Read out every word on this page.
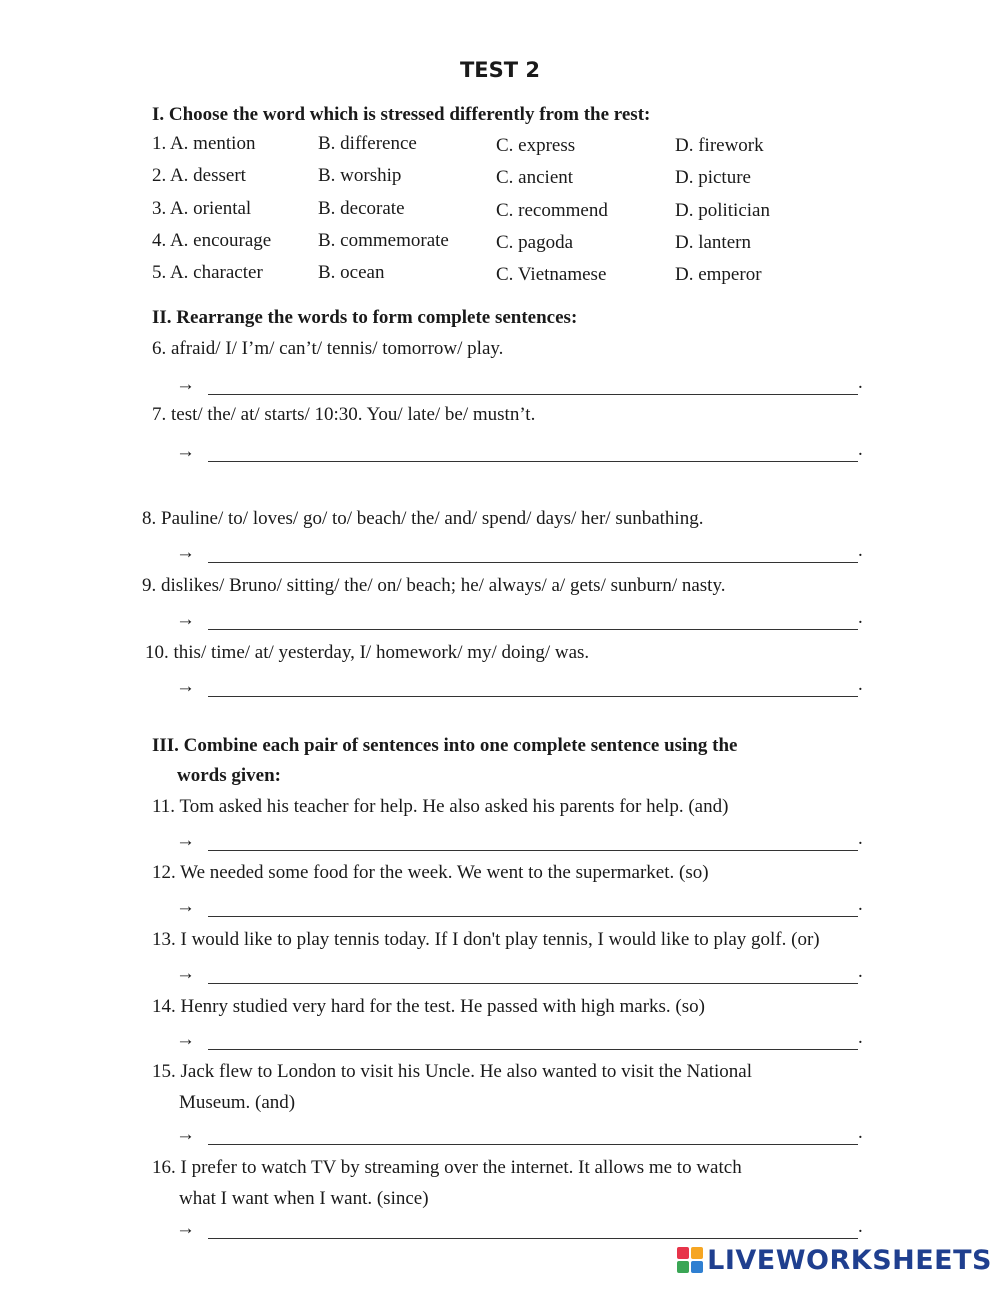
TEST 2
I. Choose the word which is stressed differently from the rest:
1. A. mention	B. difference	C. express	D. firework
2. A. dessert	B. worship	C. ancient	D. picture
3. A. oriental	B. decorate	C. recommend	D. politician
4. A. encourage B. commemorate C. pagoda	D. lantern
5. A. character	B. ocean	C. Vietnamese	D. emperor
II. Rearrange the words to form complete sentences:
6. afraid/ I/ I’m/ can’t/ tennis/ tomorrow/ play.
→	.
7. test/ the/ at/ starts/ 10:30. You/ late/ be/ mustn’t.
→	.
8. Pauline/ to/ loves/ go/ to/ beach/ the/ and/ spend/ days/ her/ sunbathing.
→	.
9. dislikes/ Bruno/ sitting/ the/ on/ beach; he/ always/ a/ gets/ sunburn/ nasty.
→	.
10. this/ time/ at/ yesterday, I/ homework/ my/ doing/ was.
→	.
III. Combine each pair of sentences into one complete sentence using the
words given:
11. Tom asked his teacher for help. He also asked his parents for help. (and)
→	.
12. We needed some food for the week. We went to the supermarket. (so)
→	.
13. I would like to play tennis today. If I don't play tennis, I would like to play golf. (or)
→	.
14. Henry studied very hard for the test. He passed with high marks. (so)
→	.
15. Jack flew to London to visit his Uncle. He also wanted to visit the National
Museum. (and)
→	.
16. I prefer to watch TV by streaming over the internet. It allows me to watch
what I want when I want. (since)
→	.
LIVEWORKSHEETS
